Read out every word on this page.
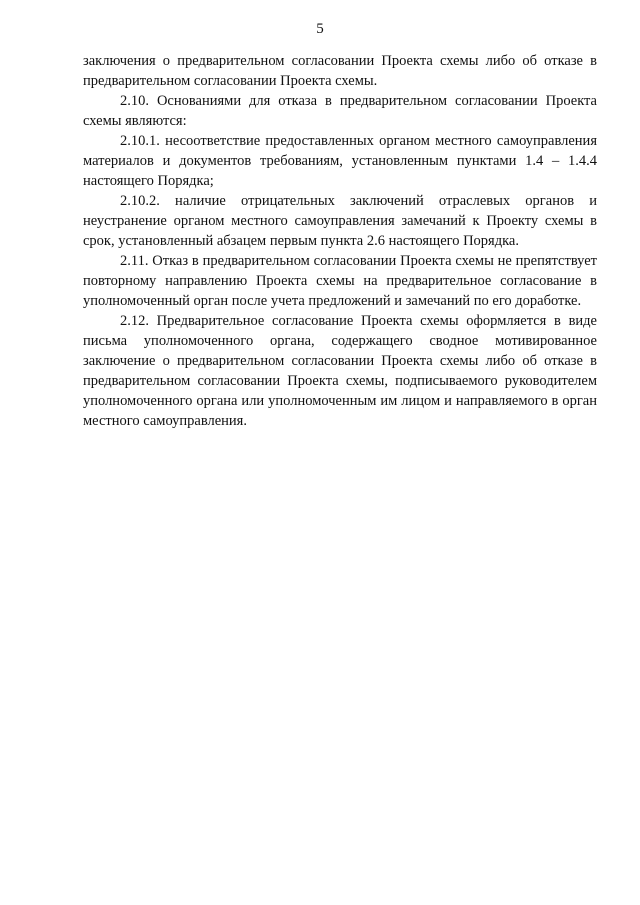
5

заключения о предварительном согласовании Проекта схемы либо об отказе в предварительном согласовании Проекта схемы.

2.10. Основаниями для отказа в предварительном согласовании Проекта схемы являются:

2.10.1. несоответствие предоставленных органом местного самоуправления материалов и документов требованиям, установленным пунктами 1.4 – 1.4.4 настоящего Порядка;

2.10.2. наличие отрицательных заключений отраслевых органов и неустранение органом местного самоуправления замечаний к Проекту схемы в срок, установленный абзацем первым пункта 2.6 настоящего Порядка.

2.11. Отказ в предварительном согласовании Проекта схемы не препятствует повторному направлению Проекта схемы на предварительное согласование в уполномоченный орган после учета предложений и замечаний по его доработке.

2.12. Предварительное согласование Проекта схемы оформляется в виде письма уполномоченного органа, содержащего сводное мотивированное заключение о предварительном согласовании Проекта схемы либо об отказе в предварительном согласовании Проекта схемы, подписываемого руководителем уполномоченного органа или уполномоченным им лицом и направляемого в орган местного самоуправления.
